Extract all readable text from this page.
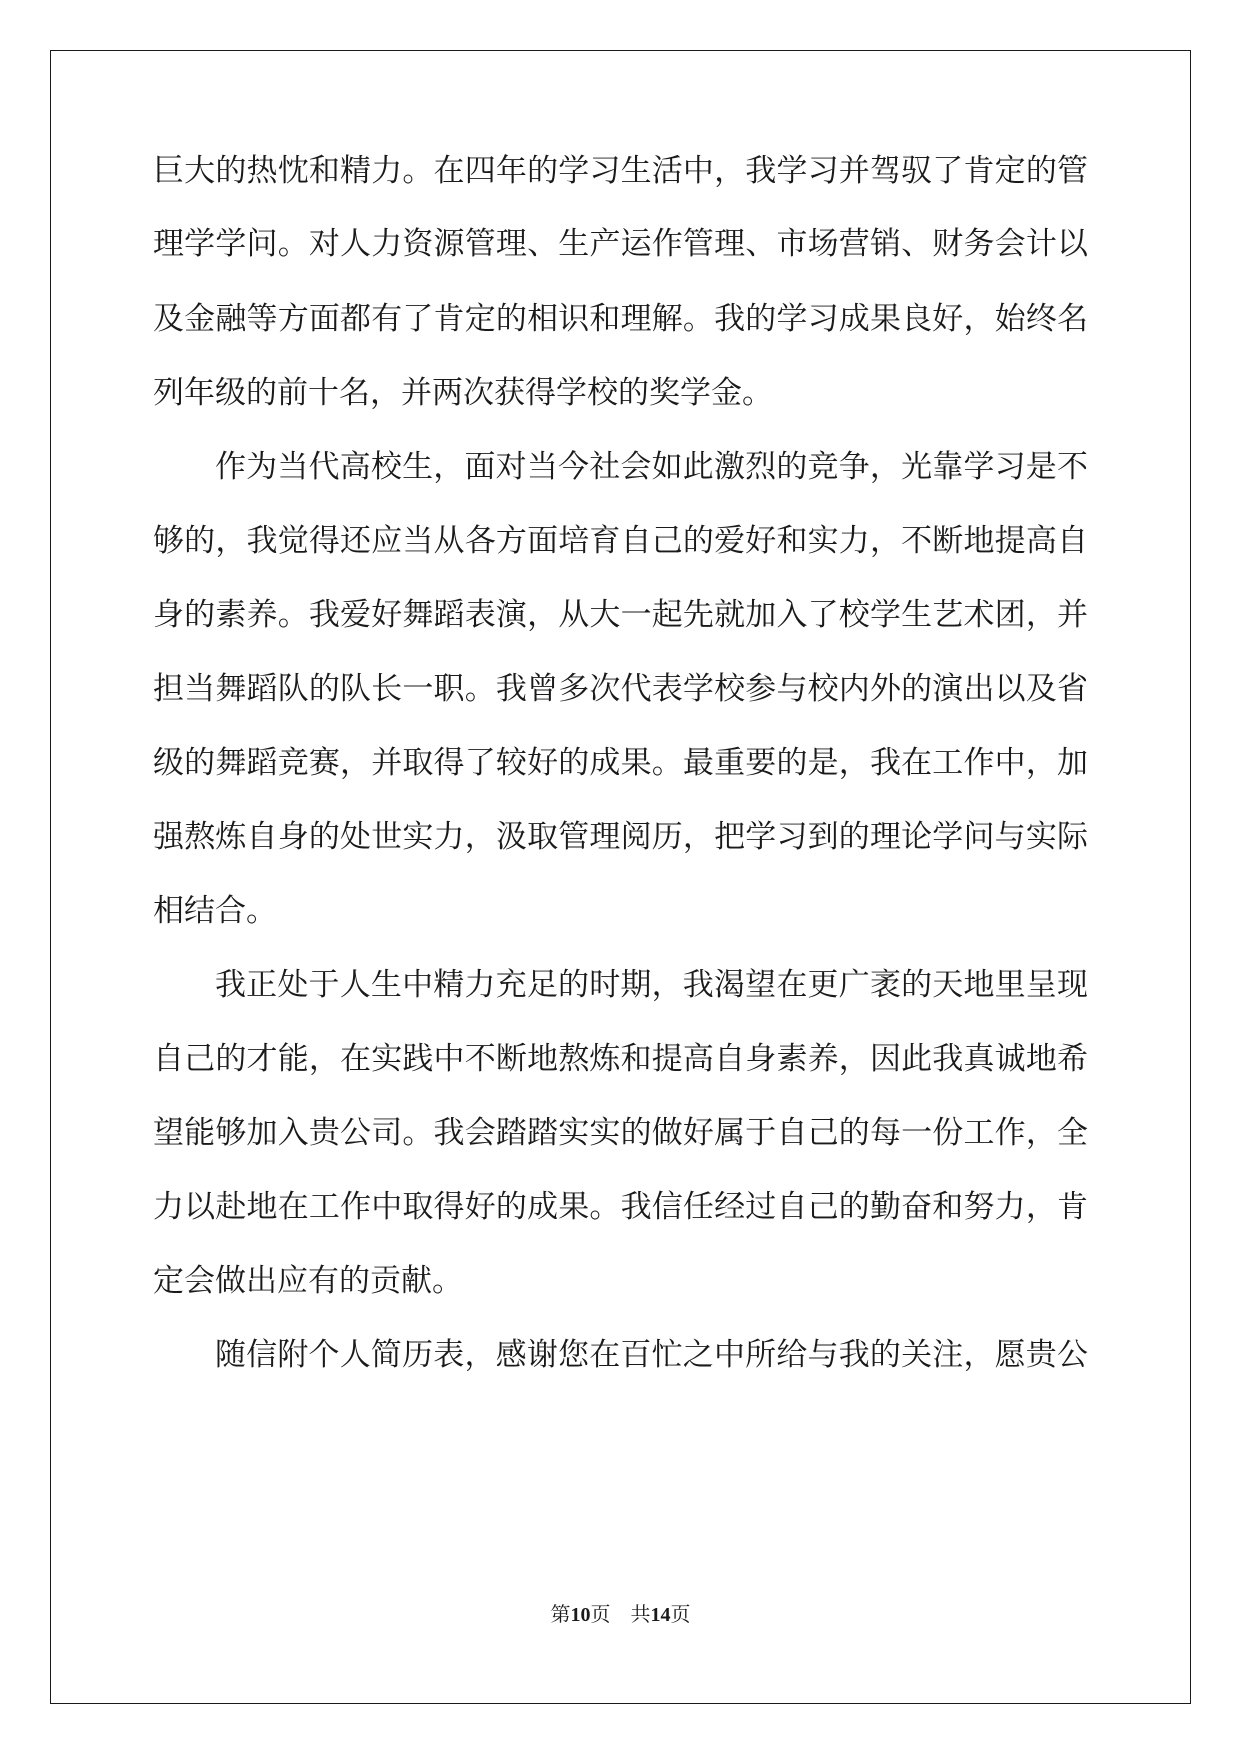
巨大的热忱和精力。在四年的学习生活中，我学习并驾驭了肯定的管
理学学问。对人力资源管理、生产运作管理、市场营销、财务会计以
及金融等方面都有了肯定的相识和理解。我的学习成果良好，始终名
列年级的前十名，并两次获得学校的奖学金。
作为当代高校生，面对当今社会如此激烈的竞争，光靠学习是不
够的，我觉得还应当从各方面培育自己的爱好和实力，不断地提高自
身的素养。我爱好舞蹈表演，从大一起先就加入了校学生艺术团，并
担当舞蹈队的队长一职。我曾多次代表学校参与校内外的演出以及省
级的舞蹈竞赛，并取得了较好的成果。最重要的是，我在工作中，加
强熬炼自身的处世实力，汲取管理阅历，把学习到的理论学问与实际
相结合。
我正处于人生中精力充足的时期，我渴望在更广袤的天地里呈现
自己的才能，在实践中不断地熬炼和提高自身素养，因此我真诚地希
望能够加入贵公司。我会踏踏实实的做好属于自己的每一份工作，全
力以赴地在工作中取得好的成果。我信任经过自己的勤奋和努力，肯
定会做出应有的贡献。
随信附个人简历表，感谢您在百忙之中所给与我的关注，愿贵公
第10页 共14页
